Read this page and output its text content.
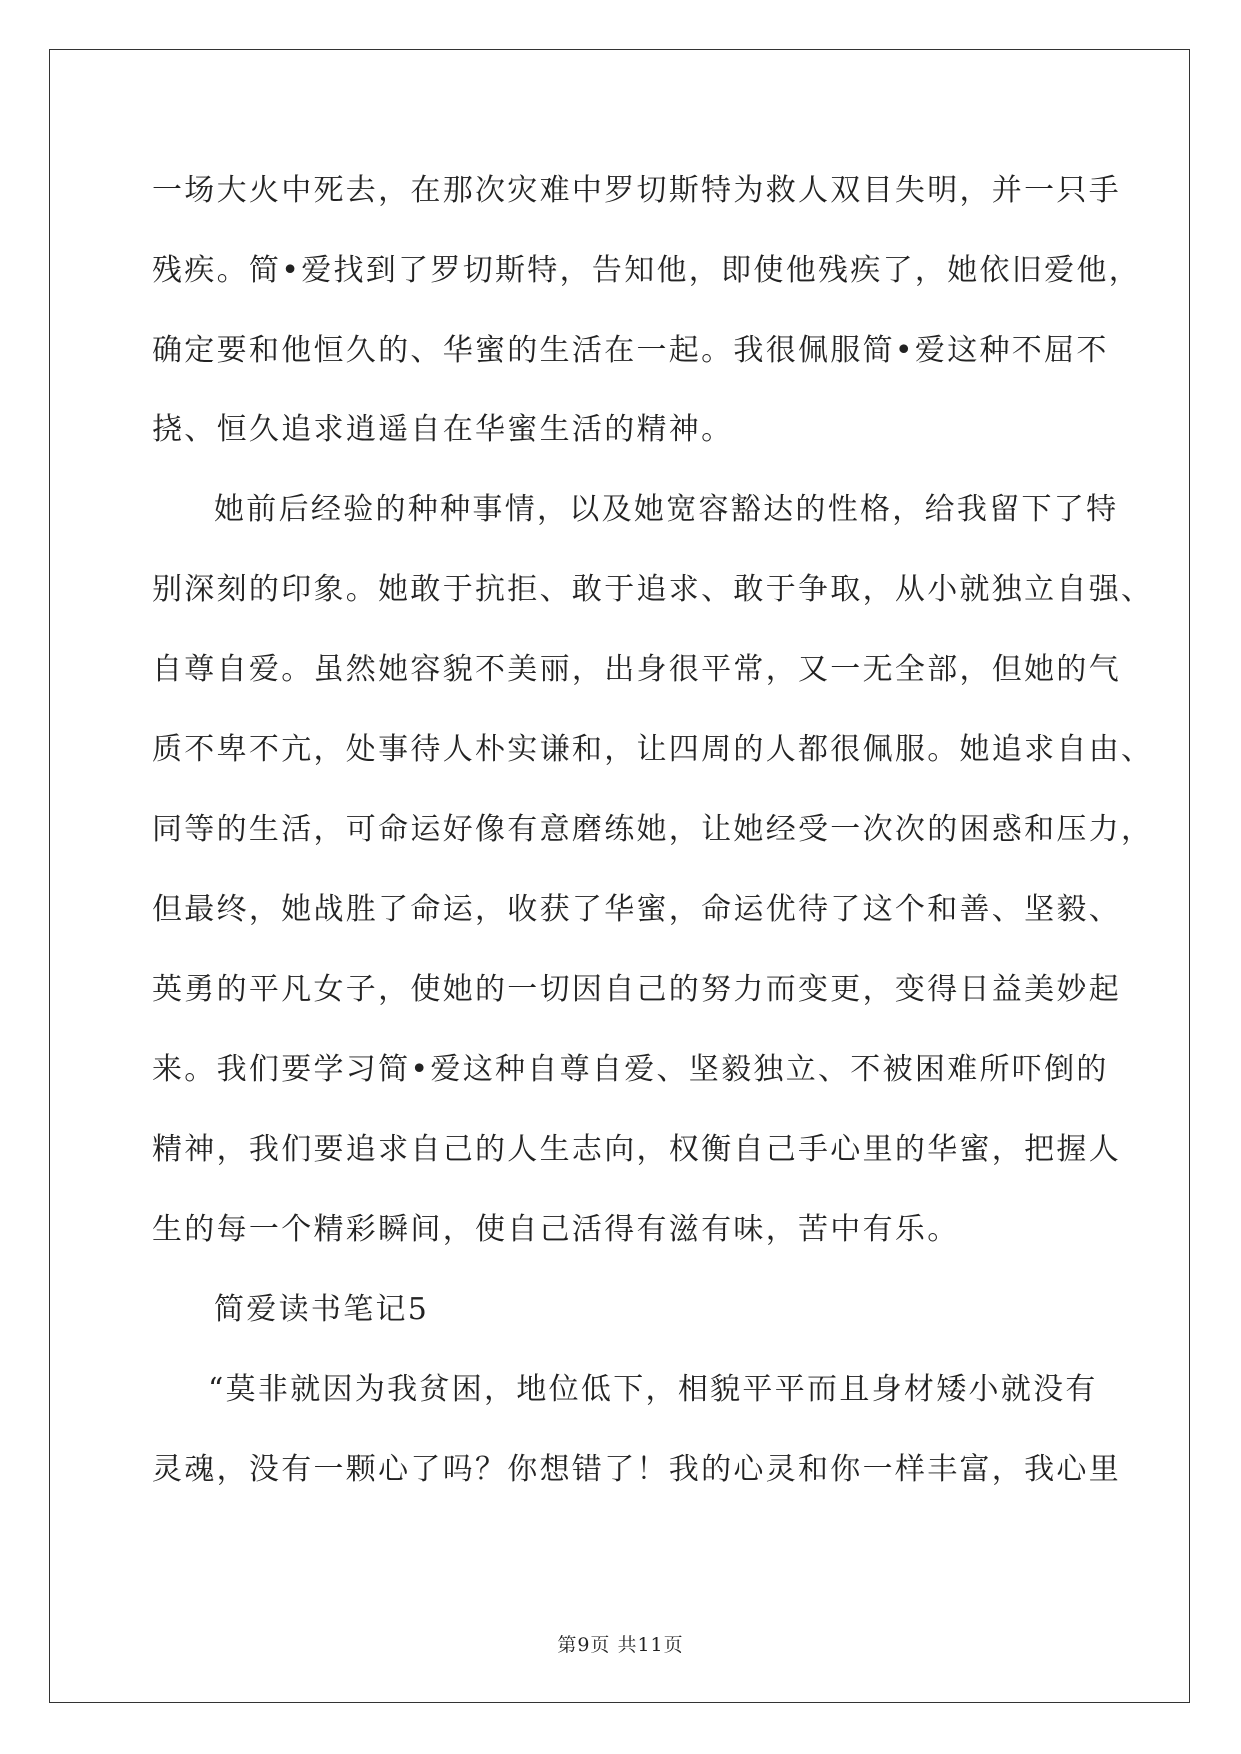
一场大火中死去，在那次灾难中罗切斯特为救人双目失明，并一只手
残疾。简•爱找到了罗切斯特，告知他，即使他残疾了，她依旧爱他，
确定要和他恒久的、华蜜的生活在一起。我很佩服简•爱这种不屈不
挠、恒久追求逍遥自在华蜜生活的精神。
她前后经验的种种事情，以及她宽容豁达的性格，给我留下了特
别深刻的印象。她敢于抗拒、敢于追求、敢于争取，从小就独立自强、
自尊自爱。虽然她容貌不美丽，出身很平常，又一无全部，但她的气
质不卑不亢，处事待人朴实谦和，让四周的人都很佩服。她追求自由、
同等的生活，可命运好像有意磨练她，让她经受一次次的困惑和压力，
但最终，她战胜了命运，收获了华蜜，命运优待了这个和善、坚毅、
英勇的平凡女子，使她的一切因自己的努力而变更，变得日益美妙起
来。我们要学习简•爱这种自尊自爱、坚毅独立、不被困难所吓倒的
精神，我们要追求自己的人生志向，权衡自己手心里的华蜜，把握人
生的每一个精彩瞬间，使自己活得有滋有味，苦中有乐。
简爱读书笔记5
“莫非就因为我贫困，地位低下，相貌平平而且身材矮小就没有
灵魂，没有一颗心了吗？你想错了！我的心灵和你一样丰富，我心里
第9页 共11页
